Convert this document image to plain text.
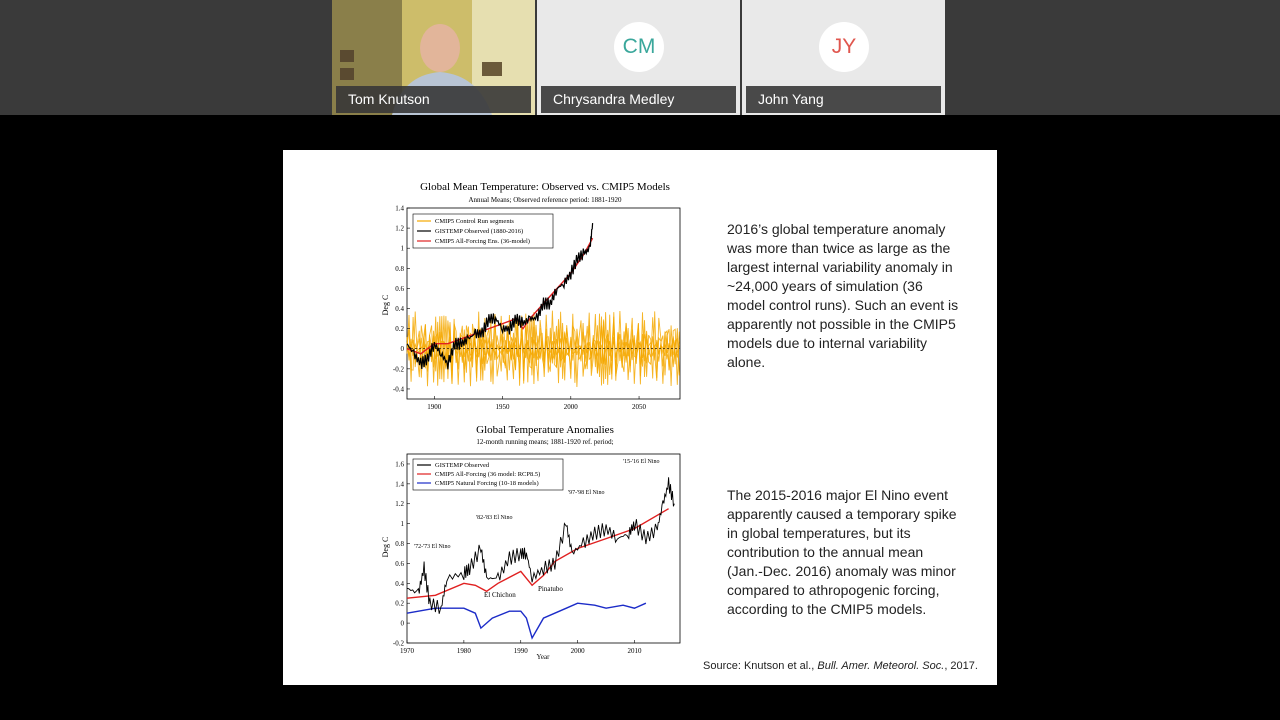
Tom Knutson
CM
Chrysandra Medley
JY
John Yang
Global Mean Temperature: Observed vs. CMIP5 Models
Annual Means; Observed reference period: 1881-1920
Deg C
1900	1950	2000	2050
-0.4
-0.2
0
0.2
0.4
0.6
0.8
1
1.2
1.4
CMIP5 Control Run segments
GISTEMP Observed (1880-2016)
CMIP5 All-Forcing Ens. (36-model)
Global Temperature Anomalies
12-month running means; 1881-1920 ref. period;
Deg C
Year
1970	1980	1990	2000	2010
-0.2
0
0.2
0.4
0.6
0.8
1
1.2
1.4
1.6	GISTEMP Observed
CMIP5 All-Forcing (36 model: RCP8.5)
CMIP5 Natural Forcing (10-18 models)
'15-'16 El Nino
'97-'98 El Nino
'82-'83 El Nino
'72-'73 El Nino
El Chichon
Pinatubo
2016’s global temperature anomaly
was more than twice as large as the
largest internal variability anomaly in
~24,000 years of simulation (36
model control runs). Such an event is
apparently not possible in the CMIP5
models due to internal variability
alone.
The 2015-2016 major El Nino event
apparently caused a temporary spike
in global temperatures, but its
contribution to the annual mean
(Jan.-Dec. 2016) anomaly was minor
compared to athropogenic forcing,
according to the CMIP5 models.
Source: Knutson et al., Bull. Amer. Meteorol. Soc., 2017.
